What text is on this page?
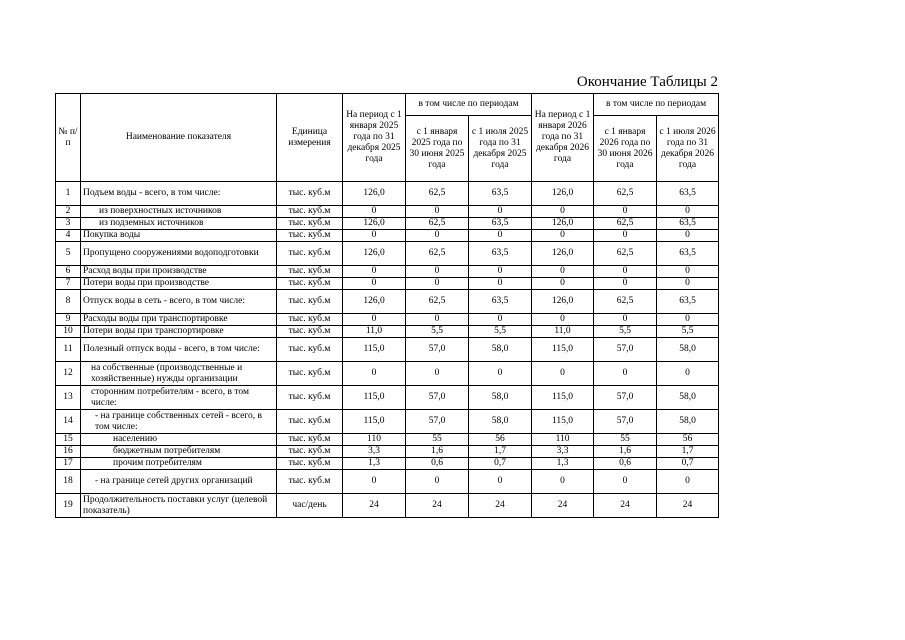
Окончание Таблицы 2
№ п/п	Наименование показателя	Единица измерения	На период с 1 января 2025 года по 31 декабря 2025 года	в том числе по периодам		На период с 1 января 2026 года по 31 декабря 2026 года	в том числе по периодам	
				с 1 января 2025 года по 30 июня 2025 года	с 1 июля 2025 года по 31 декабря 2025 года		с 1 января 2026 года по 30 июня 2026 года	с 1 июля 2026 года по 31 декабря 2026 года
1	Подъем воды - всего, в том числе:	тыс. куб.м	126,0	62,5	63,5	126,0	62,5	63,5
2	из поверхностных источников	тыс. куб.м	0	0	0	0	0	0
3	из подземных источников	тыс. куб.м	126,0	62,5	63,5	126,0	62,5	63,5
4	Покупка воды	тыс. куб.м	0	0	0	0	0	0
5	Пропущено сооружениями водоподготовки	тыс. куб.м	126,0	62,5	63,5	126,0	62,5	63,5
6	Расход воды при производстве	тыс. куб.м	0	0	0	0	0	0
7	Потери воды при производстве	тыс. куб.м	0	0	0	0	0	0
8	Отпуск воды в сеть - всего, в том числе:	тыс. куб.м	126,0	62,5	63,5	126,0	62,5	63,5
9	Расходы воды при транспортировке	тыс. куб.м	0	0	0	0	0	0
10	Потери воды при транспортировке	тыс. куб.м	11,0	5,5	5,5	11,0	5,5	5,5
11	Полезный отпуск воды - всего, в том числе:	тыс. куб.м	115,0	57,0	58,0	115,0	57,0	58,0
12	на собственные (производственные и хозяйственные) нужды организации	тыс. куб.м	0	0	0	0	0	0
13	сторонним потребителям - всего, в том числе:	тыс. куб.м	115,0	57,0	58,0	115,0	57,0	58,0
14	- на границе собственных сетей - всего, в том числе:	тыс. куб.м	115,0	57,0	58,0	115,0	57,0	58,0
15	населению	тыс. куб.м	110	55	56	110	55	56
16	бюджетным потребителям	тыс. куб.м	3,3	1,6	1,7	3,3	1,6	1,7
17	прочим потребителям	тыс. куб.м	1,3	0,6	0,7	1,3	0,6	0,7
18	- на границе сетей других организаций	тыс. куб.м	0	0	0	0	0	0
19	Продолжительность поставки услуг (целевой показатель)	час/день	24	24	24	24	24	24
